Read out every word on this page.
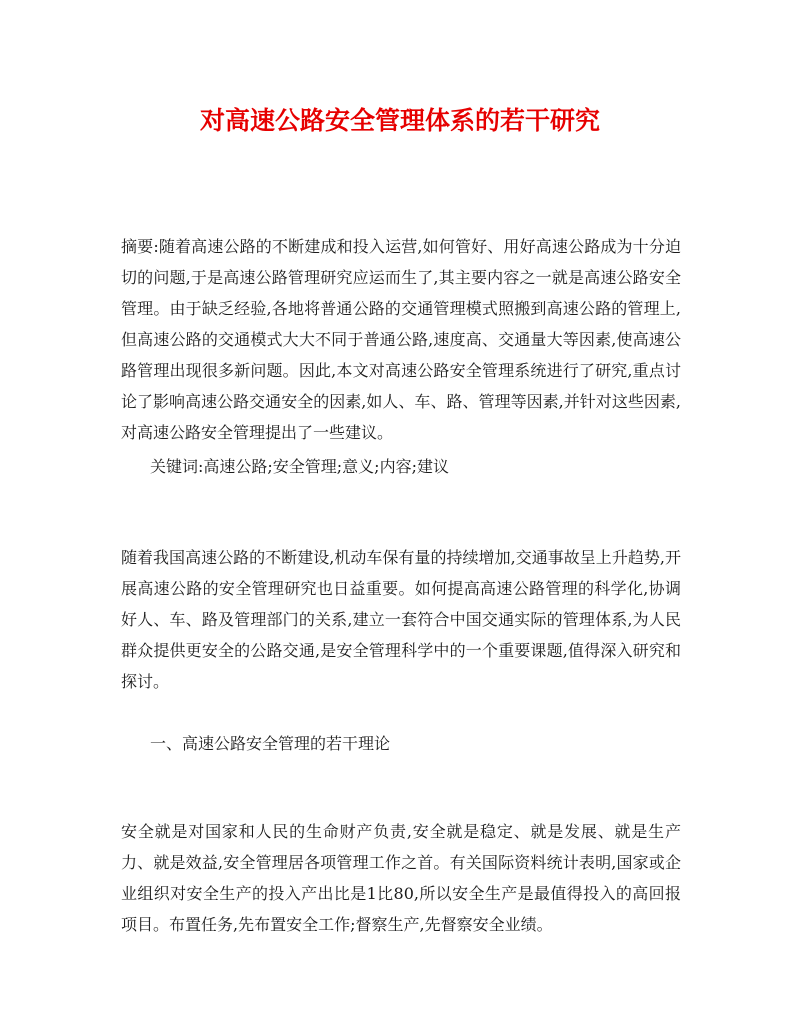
对高速公路安全管理体系的若干研究

摘要:随着高速公路的不断建成和投入运营,如何管好、用好高速公路成为十分迫切的问题,于是高速公路管理研究应运而生了,其主要内容之一就是高速公路安全管理。由于缺乏经验,各地将普通公路的交通管理模式照搬到高速公路的管理上,但高速公路的交通模式大大不同于普通公路,速度高、交通量大等因素,使高速公路管理出现很多新问题。因此,本文对高速公路安全管理系统进行了研究,重点讨论了影响高速公路交通安全的因素,如人、车、路、管理等因素,并针对这些因素,对高速公路安全管理提出了一些建议。

关键词:高速公路;安全管理;意义;内容;建议

随着我国高速公路的不断建设,机动车保有量的持续增加,交通事故呈上升趋势,开展高速公路的安全管理研究也日益重要。如何提高高速公路管理的科学化,协调好人、车、路及管理部门的关系,建立一套符合中国交通实际的管理体系,为人民群众提供更安全的公路交通,是安全管理科学中的一个重要课题,值得深入研究和探讨。

一、高速公路安全管理的若干理论

安全就是对国家和人民的生命财产负责,安全就是稳定、就是发展、就是生产力、就是效益,安全管理居各项管理工作之首。有关国际资料统计表明,国家或企业组织对安全生产的投入产出比是1比80,所以安全生产是最值得投入的高回报项目。布置任务,先布置安全工作;督察生产,先督察安全业绩。
